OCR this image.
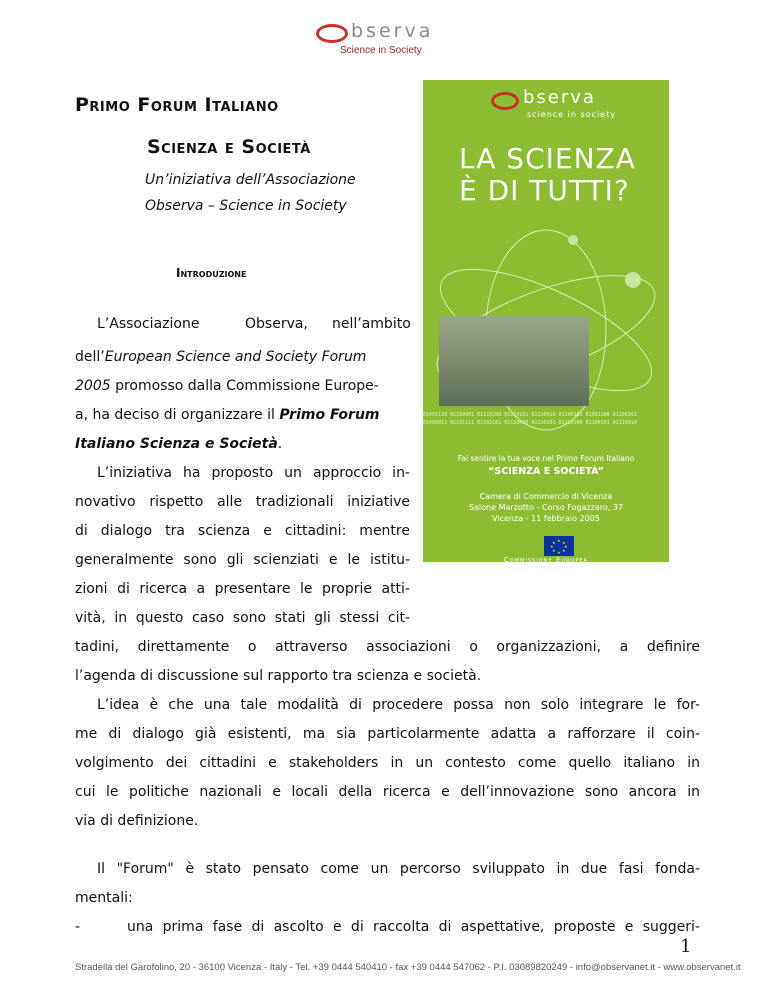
bserva
Science in Society
Primo Forum Italiano
Scienza e Società
Un’iniziativa dell’Associazione
Observa – Science in Society
Introduzione
L’Associazione	Observa, nell’ambito
dell’European Science and Society Forum
2005 promosso dalla Commissione Europe-
a, ha deciso di organizzare il Primo Forum
Italiano Scienza e Società.
L’iniziativa ha proposto un approccio in-
novativo rispetto alle tradizionali iniziative
di dialogo tra scienza e cittadini: mentre
generalmente sono gli scienziati e le istitu-
zioni di ricerca a presentare le proprie atti-
vità, in questo caso sono stati gli stessi cit-
tadini, direttamente o attraverso associazioni o organizzazioni, a definire
l’agenda di discussione sul rapporto tra scienza e società.
L’idea è che una tale modalità di procedere possa non solo integrare le for-
me di dialogo già esistenti, ma sia particolarmente adatta a rafforzare il coin-
volgimento dei cittadini e stakeholders in un contesto come quello italiano in
cui le politiche nazionali e locali della ricerca e dell’innovazione sono ancora in
via di definizione.
Il "Forum" è stato pensato come un percorso sviluppato in due fasi fonda-
mentali:
-	una prima fase di ascolto e di raccolta di aspettative, proposte e suggeri-
bserva
science in society
LA SCIENZA
È DI TUTTI?
01001110 01100001 01110100 01110101 01110010 01100101 01001100 01100101
01000011 01101111 01101101 01110000 01110101 01110100 01100101 01110010
Fai sentire la tua voce nel Primo Forum Italiano
“SCIENZA E SOCIETÀ”
Camera di Commercio di Vicenza
Salone Marzotto - Corso Fogazzaro, 37
Vicenza - 11 febbraio 2005
★ ★
★
★
★
★
★
★
Commissione Europea
1
Stradella del Garofolino, 20 - 36100 Vicenza - Italy - Tel. +39 0444 540410 - fax +39 0444 547062 - P.I. 03089820249 - info@observanet.it - www.observanet.it
